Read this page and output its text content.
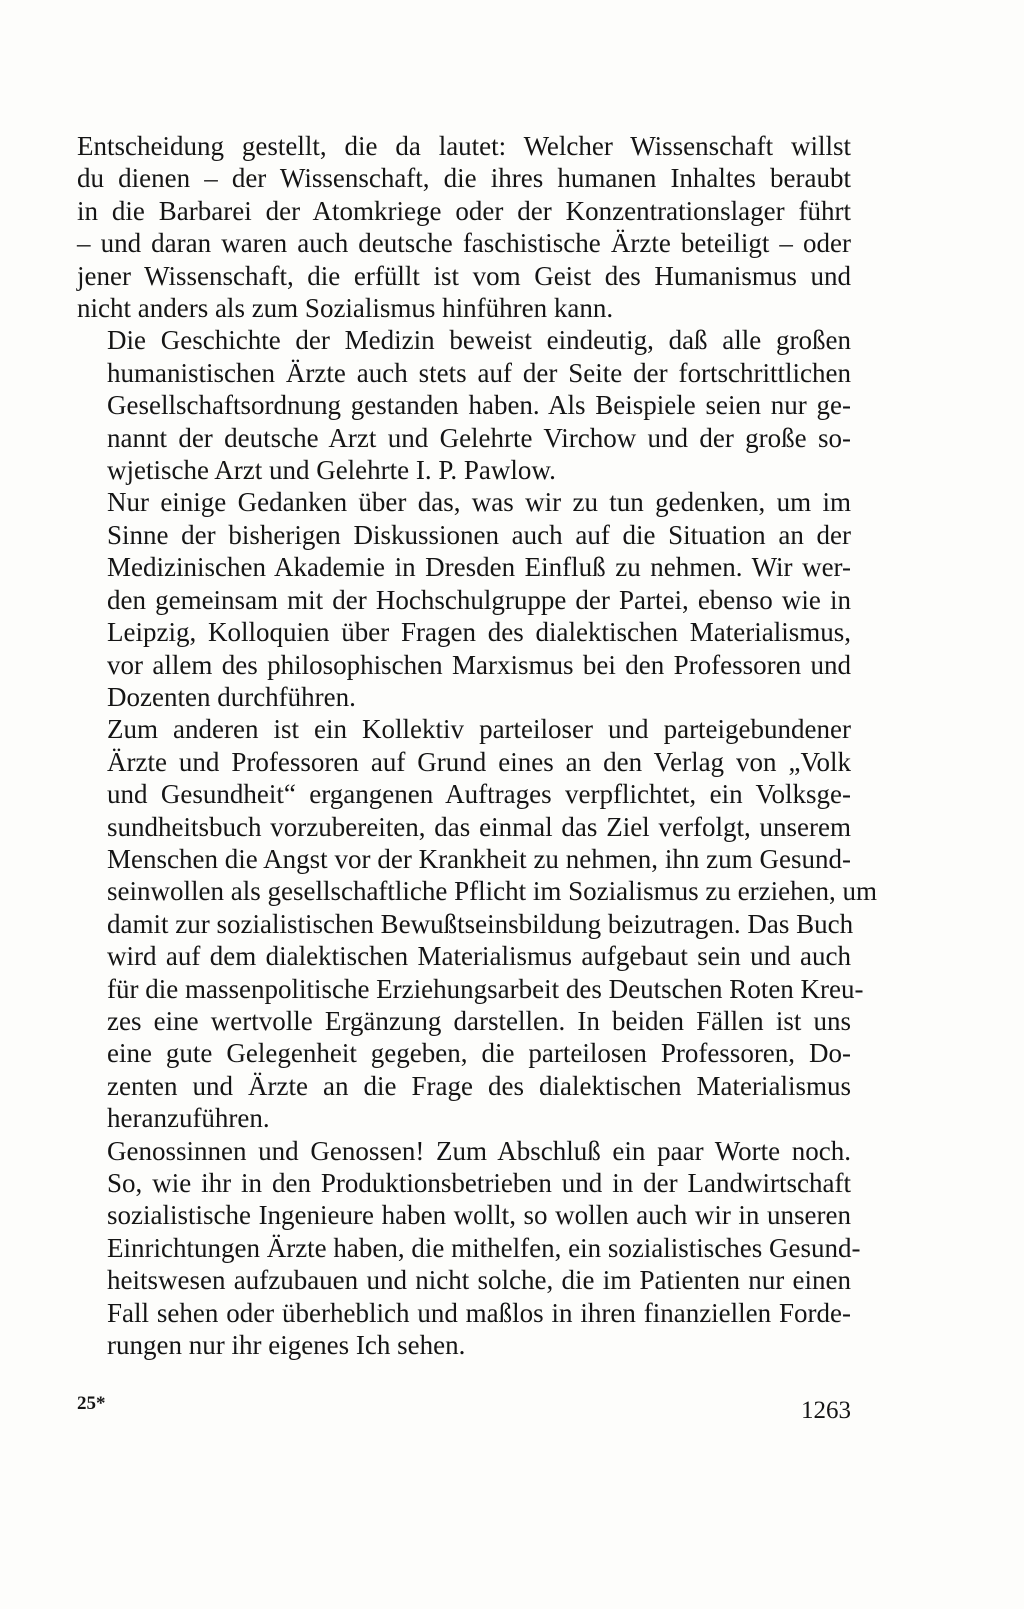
Entscheidung gestellt, die da lautet: Welcher Wissenschaft willst
du dienen – der Wissenschaft, die ihres humanen Inhaltes beraubt
in die Barbarei der Atomkriege oder der Konzentrationslager führt
– und daran waren auch deutsche faschistische Ärzte beteiligt – oder
jener Wissenschaft, die erfüllt ist vom Geist des Humanismus und
nicht anders als zum Sozialismus hinführen kann.

Die Geschichte der Medizin beweist eindeutig, daß alle großen
humanistischen Ärzte auch stets auf der Seite der fortschrittlichen
Gesellschaftsordnung gestanden haben. Als Beispiele seien nur ge-
nannt der deutsche Arzt und Gelehrte Virchow und der große so-
wjetische Arzt und Gelehrte I. P. Pawlow.

Nur einige Gedanken über das, was wir zu tun gedenken, um im
Sinne der bisherigen Diskussionen auch auf die Situation an der
Medizinischen Akademie in Dresden Einfluß zu nehmen. Wir wer-
den gemeinsam mit der Hochschulgruppe der Partei, ebenso wie in
Leipzig, Kolloquien über Fragen des dialektischen Materialismus,
vor allem des philosophischen Marxismus bei den Professoren und
Dozenten durchführen.

Zum anderen ist ein Kollektiv parteiloser und parteigebundener
Ärzte und Professoren auf Grund eines an den Verlag von „Volk
und Gesundheit“ ergangenen Auftrages verpflichtet, ein Volksge-
sundheitsbuch vorzubereiten, das einmal das Ziel verfolgt, unserem
Menschen die Angst vor der Krankheit zu nehmen, ihn zum Gesund-
seinwollen als gesellschaftliche Pflicht im Sozialismus zu erziehen, um
damit zur sozialistischen Bewußtseinsbildung beizutragen. Das Buch
wird auf dem dialektischen Materialismus aufgebaut sein und auch
für die massenpolitische Erziehungsarbeit des Deutschen Roten Kreu-
zes eine wertvolle Ergänzung darstellen. In beiden Fällen ist uns
eine gute Gelegenheit gegeben, die parteilosen Professoren, Do-
zenten und Ärzte an die Frage des dialektischen Materialismus
heranzuführen.

Genossinnen und Genossen! Zum Abschluß ein paar Worte noch.
So, wie ihr in den Produktionsbetrieben und in der Landwirtschaft
sozialistische Ingenieure haben wollt, so wollen auch wir in unseren
Einrichtungen Ärzte haben, die mithelfen, ein sozialistisches Gesund-
heitswesen aufzubauen und nicht solche, die im Patienten nur einen
Fall sehen oder überheblich und maßlos in ihren finanziellen Forde-
rungen nur ihr eigenes Ich sehen.

25*	1263
